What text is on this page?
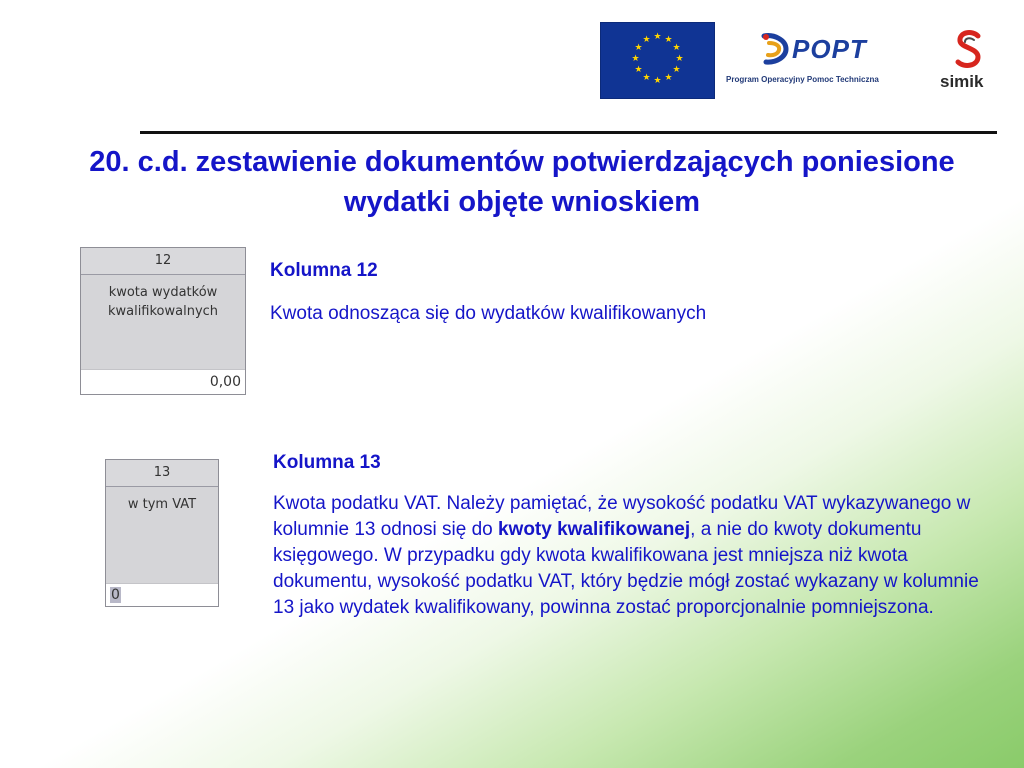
★ ★
★
★
★
★
★
★
★
★
★
★	POPT
Program Operacyjny Pomoc Techniczna	simik
20. c.d. zestawienie dokumentów potwierdzających poniesione wydatki objęte wnioskiem
12
kwota wydatków kwalifikowalnych
0,00
Kolumna 12

Kwota odnosząca się do wydatków kwalifikowanych

13
w tym VAT
0
Kolumna 13

Kwota podatku VAT. Należy pamiętać, że wysokość podatku VAT wykazywanego w kolumnie 13 odnosi się do kwoty kwalifikowanej, a nie do kwoty dokumentu księgowego. W przypadku gdy kwota kwalifikowana jest mniejsza niż kwota dokumentu, wysokość podatku VAT, który będzie mógł zostać wykazany w kolumnie 13 jako wydatek kwalifikowany, powinna zostać proporcjonalnie pomniejszona.
